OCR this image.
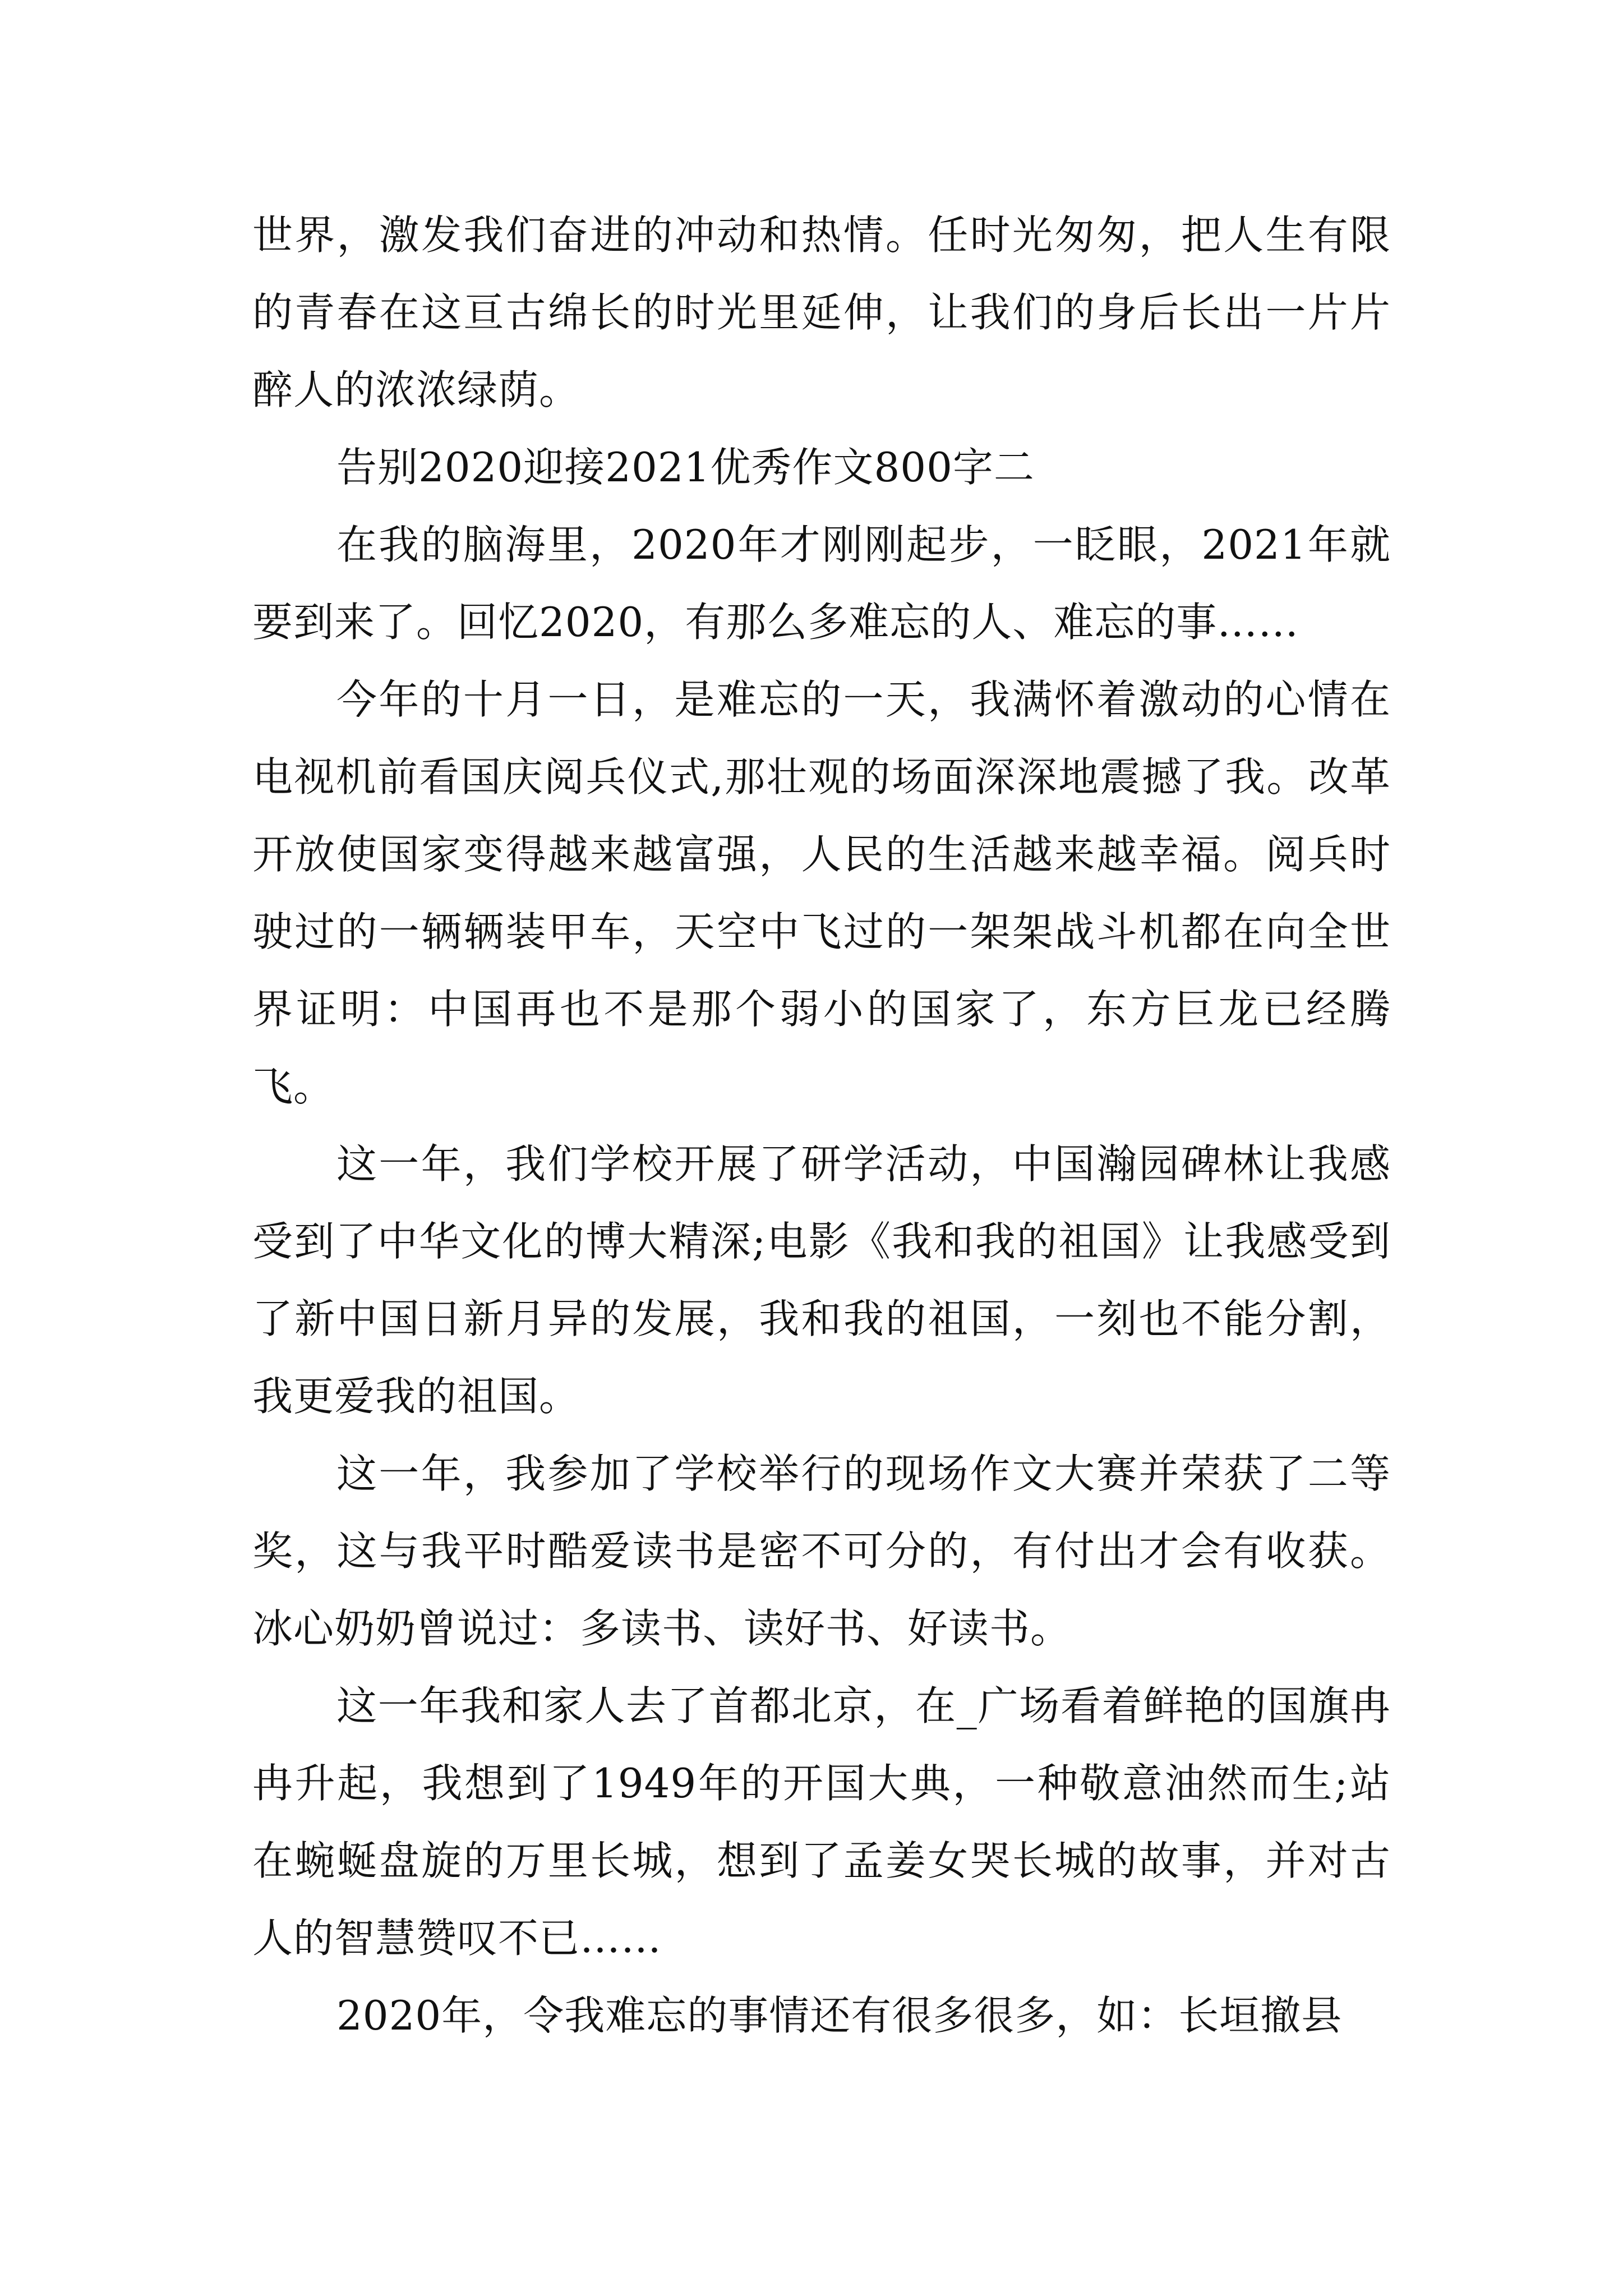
世界，激发我们奋进的冲动和热情。任时光匆匆，把人生有限的青春在这亘古绵长的时光里延伸，让我们的身后长出一片片醉人的浓浓绿荫。

告别2020迎接2021优秀作文800字二

在我的脑海里，2020年才刚刚起步，一眨眼，2021年就要到来了。回忆2020，有那么多难忘的人、难忘的事……

今年的十月一日，是难忘的一天，我满怀着激动的心情在电视机前看国庆阅兵仪式,那壮观的场面深深地震撼了我。改革开放使国家变得越来越富强，人民的生活越来越幸福。阅兵时驶过的一辆辆装甲车，天空中飞过的一架架战斗机都在向全世界证明：中国再也不是那个弱小的国家了，东方巨龙已经腾飞。

这一年，我们学校开展了研学活动，中国瀚园碑林让我感受到了中华文化的博大精深;电影《我和我的祖国》让我感受到了新中国日新月异的发展，我和我的祖国，一刻也不能分割，我更爱我的祖国。

这一年，我参加了学校举行的现场作文大赛并荣获了二等奖，这与我平时酷爱读书是密不可分的，有付出才会有收获。冰心奶奶曾说过：多读书、读好书、好读书。

这一年我和家人去了首都北京，在_广场看着鲜艳的国旗冉冉升起，我想到了1949年的开国大典，一种敬意油然而生;站在蜿蜒盘旋的万里长城，想到了孟姜女哭长城的故事，并对古人的智慧赞叹不已……

2020年，令我难忘的事情还有很多很多，如：长垣撤县
